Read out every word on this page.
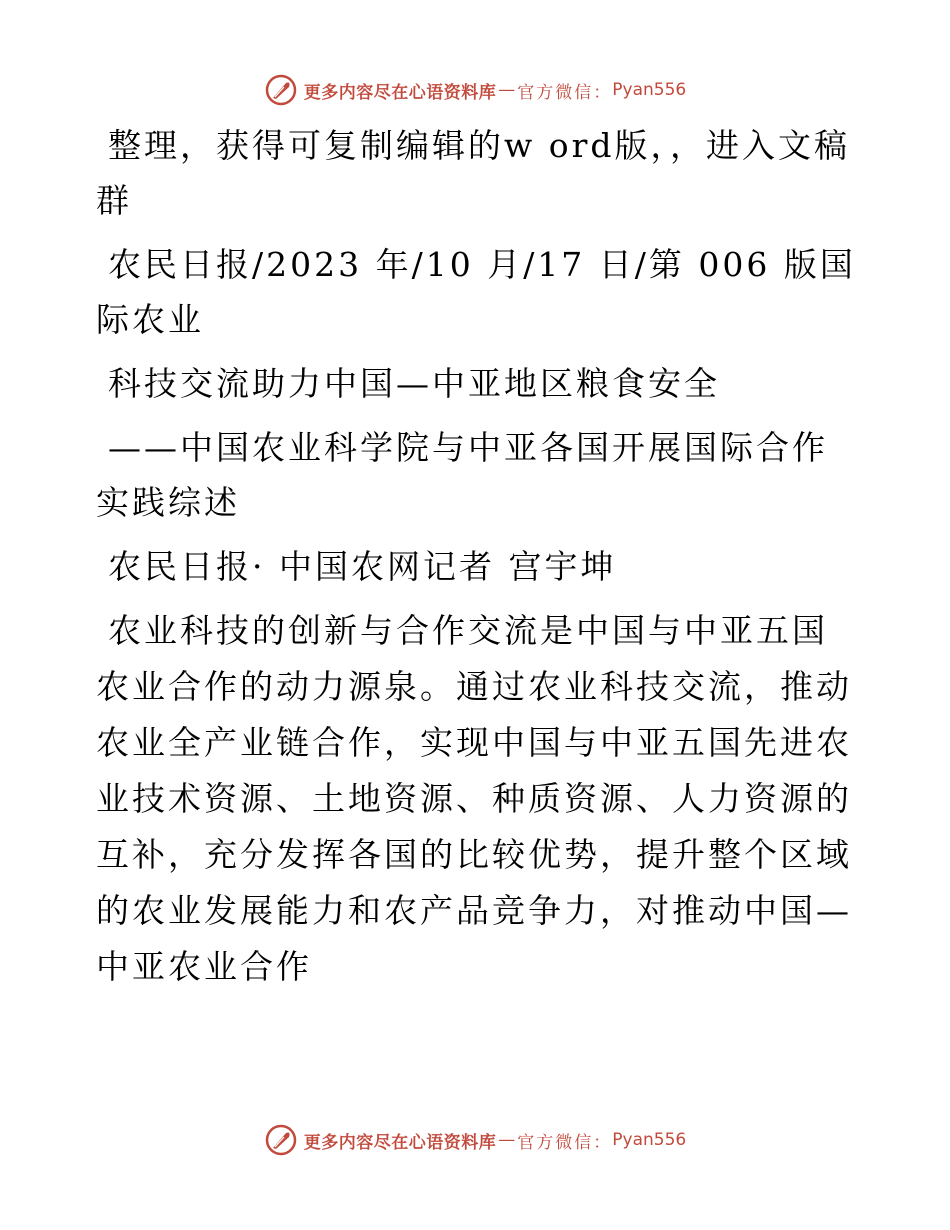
更多内容尽在心语资料库 — 官方微信： Pyan556

整理，获得可复制编辑的w ord版，，进入文稿群

农民日报/2023 年/10 月/17 日/第 006 版国际农业

科技交流助力中国—中亚地区粮食安全

——中国农业科学院与中亚各国开展国际合作实践综述

农民日报· 中国农网记者 宫宇坤

农业科技的创新与合作交流是中国与中亚五国农业合作的动力源泉。通过农业科技交流，推动农业全产业链合作，实现中国与中亚五国先进农业技术资源、土地资源、种质资源、人力资源的互补，充分发挥各国的比较优势，提升整个区域的农业发展能力和农产品竞争力，对推动中国—中亚农业合作

更多内容尽在心语资料库 — 官方微信： Pyan556
